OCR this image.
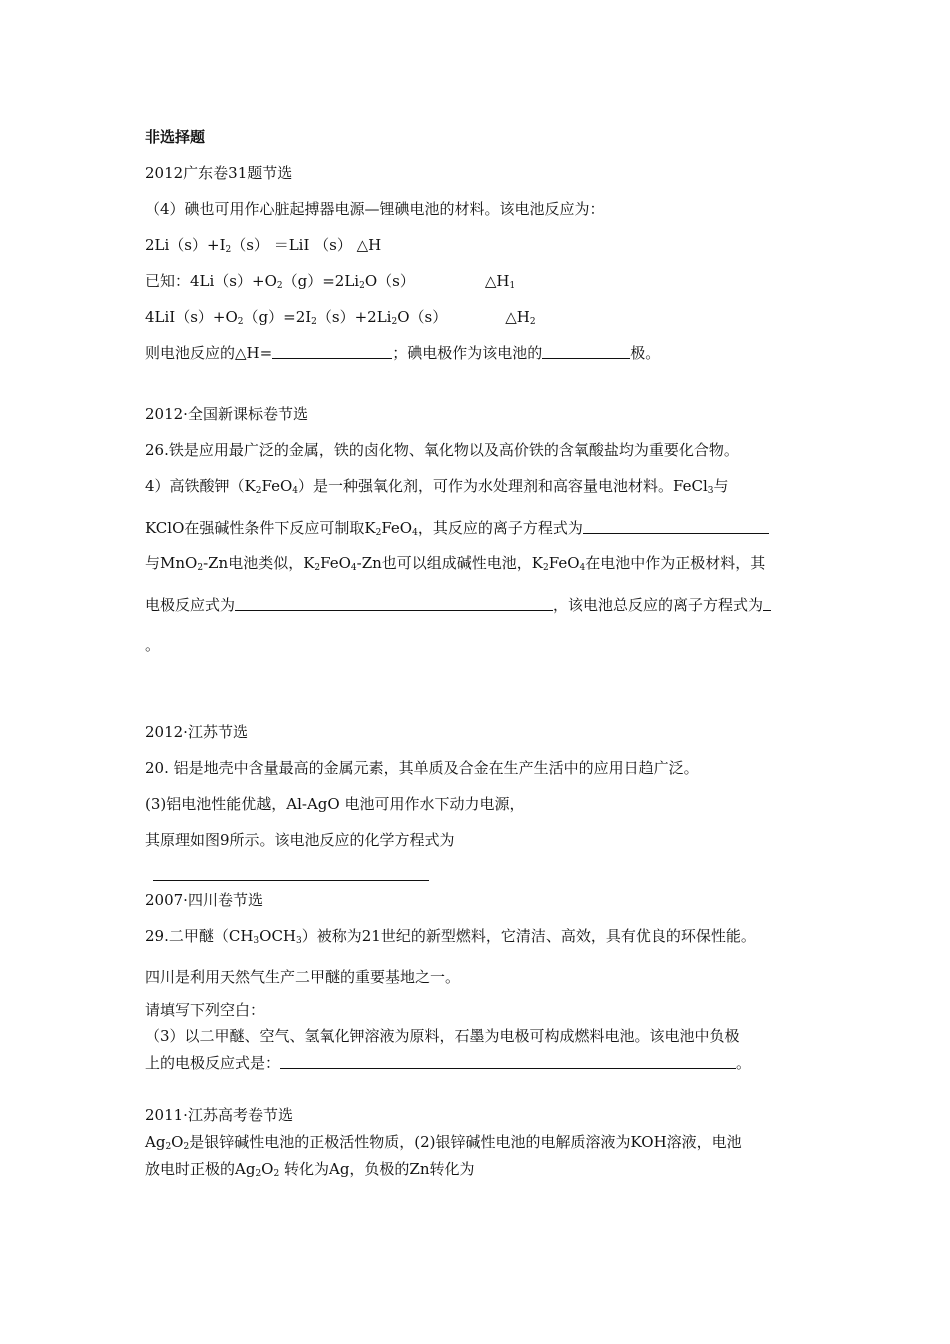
非选择题
2012广东卷31题节选
（4）碘也可用作心脏起搏器电源—锂碘电池的材料。该电池反应为：
$2Li(s)+I_2(s) =LiI$ （s） △H
已知：$4Li(s)+O_2(g)=2Li_2O(s)$	$\triangle H_1$
$4LiI(s)+O_2(g)=2I_2(s)+2Li_2O(s)$	$\triangle H_2$
则电池反应的△H=	；碘电极作为该电池的	极。
2012·全国新课标卷节选
26.铁是应用最广泛的金属，铁的卤化物、氧化物以及高价铁的含氧酸盐均为重要化合物。
4）高铁酸钾$(K_2FeO_4)$是一种强氧化剂，可作为水处理剂和高容量电池材料。FeCl$_3$与
KClO在强碱性条件下反应可制取$K_2FeO_4$，其反应的离子方程式为
与MnO$_2$-Zn电池类似，$K_2FeO_4-Zn$也可以组成碱性电池，$K_2FeO_4$在电池中作为正极材料，其
电极反应式为	，该电池总反应的离子方程式为
。
2012·江苏节选
20. 铝是地壳中含量最高的金属元素，其单质及合金在生产生活中的应用日趋广泛。
(3)铝电池性能优越，Al-AgO 电池可用作水下动力电源，
其原理如图9所示。该电池反应的化学方程式为
2007·四川卷节选
29.二甲醚$(CH_3OCH_3)$被称为21世纪的新型燃料，它清洁、高效，具有优良的环保性能。
四川是利用天然气生产二甲醚的重要基地之一。
请填写下列空白：
（3）以二甲醚、空气、氢氧化钾溶液为原料，石墨为电极可构成燃料电池。该电池中负极
上的电极反应式是：	。
2011·江苏高考卷节选
$Ag_2O_2$是银锌碱性电池的正极活性物质，(2)银锌碱性电池的电解质溶液为KOH溶液，电池
放电时正极的$Ag_2O_2$ 转化为Ag，负极的Zn转化为
